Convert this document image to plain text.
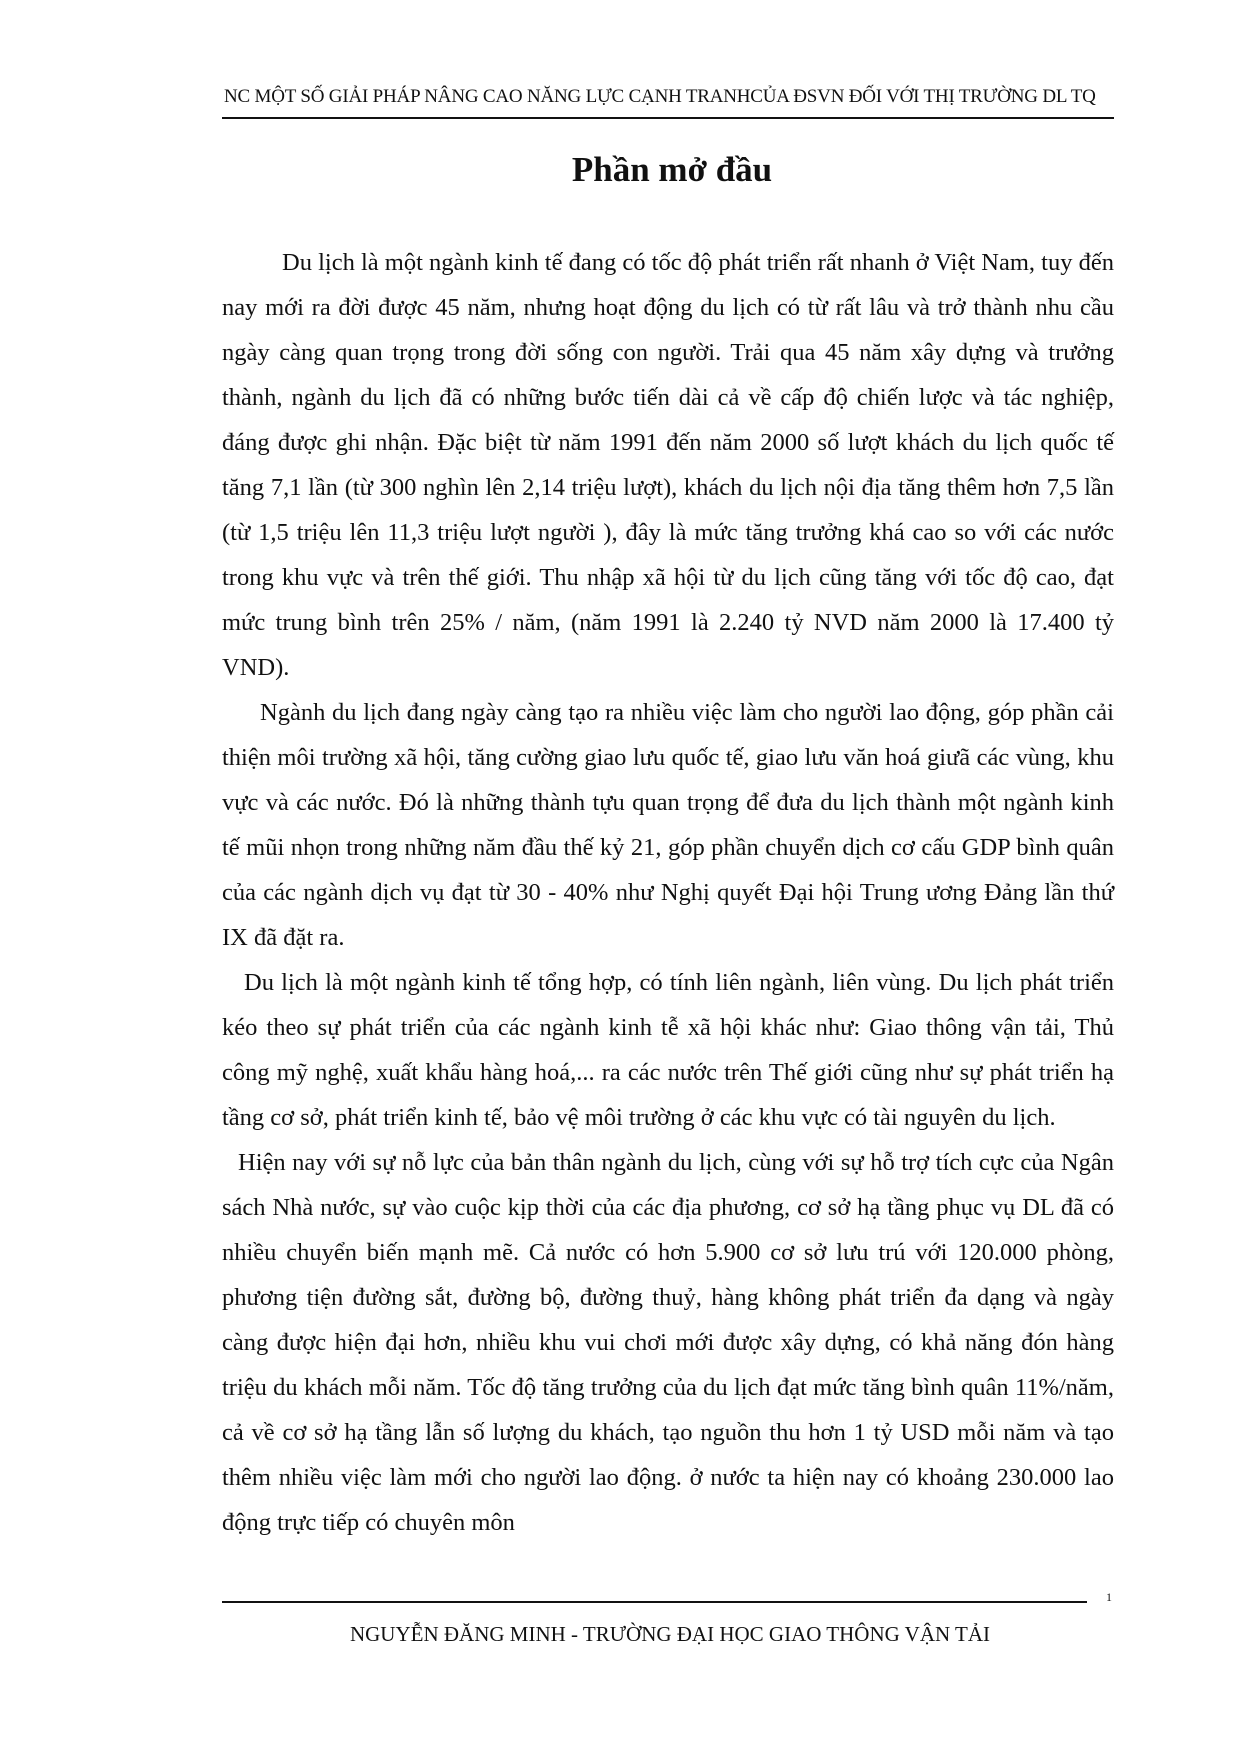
NC MỘT SỐ GIẢI PHÁP NÂNG CAO NĂNG LỰC CẠNH TRANHCỦA ĐSVN ĐỐI VỚI THỊ TRƯỜNG DL TQ
Phần mở đầu

Du lịch là một ngành kinh tế đang có tốc độ phát triển rất nhanh ở Việt Nam, tuy đến nay mới ra đời được 45 năm, nhưng hoạt động du lịch có từ rất lâu và trở thành nhu cầu ngày càng quan trọng trong đời sống con người. Trải qua 45 năm xây dựng và trưởng thành, ngành du lịch đã có những bước tiến dài cả về cấp độ chiến lược và tác nghiệp, đáng được ghi nhận. Đặc biệt từ năm 1991 đến năm 2000 số lượt khách du lịch quốc tế tăng 7,1 lần (từ 300 nghìn lên 2,14 triệu lượt), khách du lịch nội địa tăng thêm hơn 7,5 lần (từ 1,5 triệu lên 11,3 triệu lượt người ), đây là mức tăng trưởng khá cao so với các nước trong khu vực và trên thế giới. Thu nhập xã hội từ du lịch cũng tăng với tốc độ cao, đạt mức trung bình trên 25% / năm, (năm 1991 là 2.240 tỷ NVD năm 2000 là 17.400 tỷ VND).

Ngành du lịch đang ngày càng tạo ra nhiều việc làm cho người lao động, góp phần cải thiện môi trường xã hội, tăng cường giao lưu quốc tế, giao lưu văn hoá giưã các vùng, khu vực và các nước. Đó là những thành tựu quan trọng để đưa du lịch thành một ngành kinh tế mũi nhọn trong những năm đầu thế kỷ 21, góp phần chuyển dịch cơ cấu GDP bình quân của các ngành dịch vụ đạt từ 30 - 40% như Nghị quyết Đại hội Trung ương Đảng lần thứ IX đã đặt ra.

Du lịch là một ngành kinh tế tổng hợp, có tính liên ngành, liên vùng. Du lịch phát triển kéo theo sự phát triển của các ngành kinh tễ xã hội khác như: Giao thông vận tải, Thủ công mỹ nghệ, xuất khẩu hàng hoá,... ra các nước trên Thế giới cũng như sự phát triển hạ tầng cơ sở, phát triển kinh tế, bảo vệ môi trường ở các khu vực có tài nguyên du lịch.

Hiện nay với sự nỗ lực của bản thân ngành du lịch, cùng với sự hỗ trợ tích cực của Ngân sách Nhà nước, sự vào cuộc kịp thời của các địa phương, cơ sở hạ tầng phục vụ DL đã có nhiều chuyển biến mạnh mẽ. Cả nước có hơn 5.900 cơ sở lưu trú với 120.000 phòng, phương tiện đường sắt, đường bộ, đường thuỷ, hàng không phát triển đa dạng và ngày càng được hiện đại hơn, nhiều khu vui chơi mới được xây dựng, có khả năng đón hàng triệu du khách mỗi năm. Tốc độ tăng trưởng của du lịch đạt mức tăng bình quân 11%/năm, cả về cơ sở hạ tầng lẫn số lượng du khách, tạo nguồn thu hơn 1 tỷ USD mỗi năm và tạo thêm nhiều việc làm mới cho người lao động. ở nước ta hiện nay có khoảng 230.000 lao động trực tiếp có chuyên môn

1
NGUYỄN ĐĂNG MINH - TRƯỜNG ĐẠI HỌC GIAO THÔNG VẬN TẢI
